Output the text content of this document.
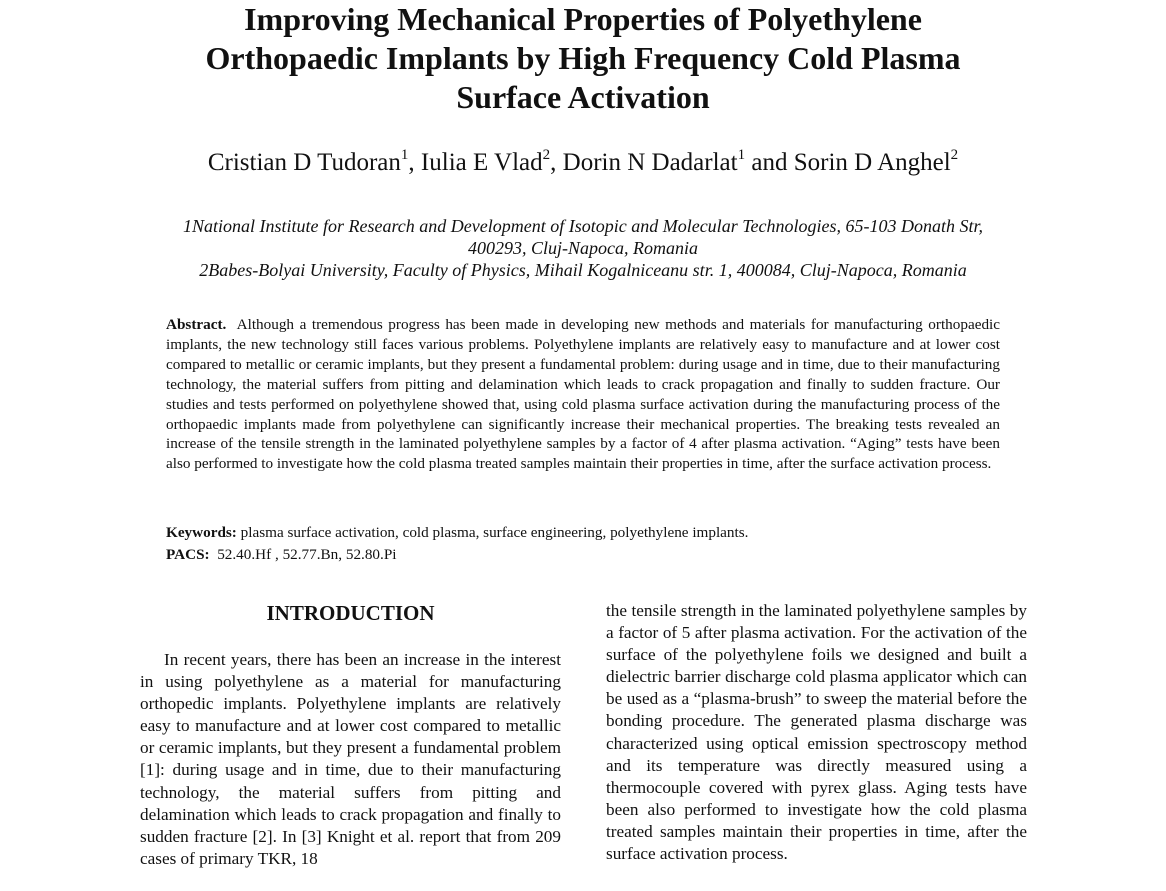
Improving Mechanical Properties of Polyethylene
Orthopaedic Implants by High Frequency Cold Plasma
Surface Activation
Cristian D Tudoran$^1$, Iulia E Vlad$^2$, Dorin N Dadarlat$^1$ and Sorin D Anghel$^2$
1National Institute for Research and Development of Isotopic and Molecular Technologies, 65-103 Donath Str,
400293, Cluj-Napoca, Romania
2Babes-Bolyai University, Faculty of Physics, Mihail Kogalniceanu str. 1, 400084, Cluj-Napoca, Romania

Abstract. Although a tremendous progress has been made in developing new methods and materials for manufacturing orthopaedic implants, the new technology still faces various problems. Polyethylene implants are relatively easy to manufacture and at lower cost compared to metallic or ceramic implants, but they present a fundamental problem: during usage and in time, due to their manufacturing technology, the material suffers from pitting and delamination which leads to crack propagation and finally to sudden fracture. Our studies and tests performed on polyethylene showed that, using cold plasma surface activation during the manufacturing process of the orthopaedic implants made from polyethylene can significantly increase their mechanical properties. The breaking tests revealed an increase of the tensile strength in the laminated polyethylene samples by a factor of 4 after plasma activation. “Aging” tests have been also performed to investigate how the cold plasma treated samples maintain their properties in time, after the surface activation process.

Keywords: plasma surface activation, cold plasma, surface engineering, polyethylene implants.
PACS: 52.40.Hf , 52.77.Bn, 52.80.Pi
INTRODUCTION

In recent years, there has been an increase in the interest in using polyethylene as a material for manufacturing orthopedic implants. Polyethylene implants are relatively easy to manufacture and at lower cost compared to metallic or ceramic implants, but they present a fundamental problem [1]: during usage and in time, due to their manufacturing technology, the material suffers from pitting and delamination which leads to crack propagation and finally to sudden fracture [2]. In [3] Knight et al. report that from 209 cases of primary TKR, 18

the tensile strength in the laminated polyethylene samples by a factor of 5 after plasma activation. For the activation of the surface of the polyethylene foils we designed and built a dielectric barrier discharge cold plasma applicator which can be used as a “plasma-brush” to sweep the material before the bonding procedure. The generated plasma discharge was characterized using optical emission spectroscopy method and its temperature was directly measured using a thermocouple covered with pyrex glass. Aging tests have been also performed to investigate how the cold plasma treated samples maintain their properties in time, after the surface activation process.
